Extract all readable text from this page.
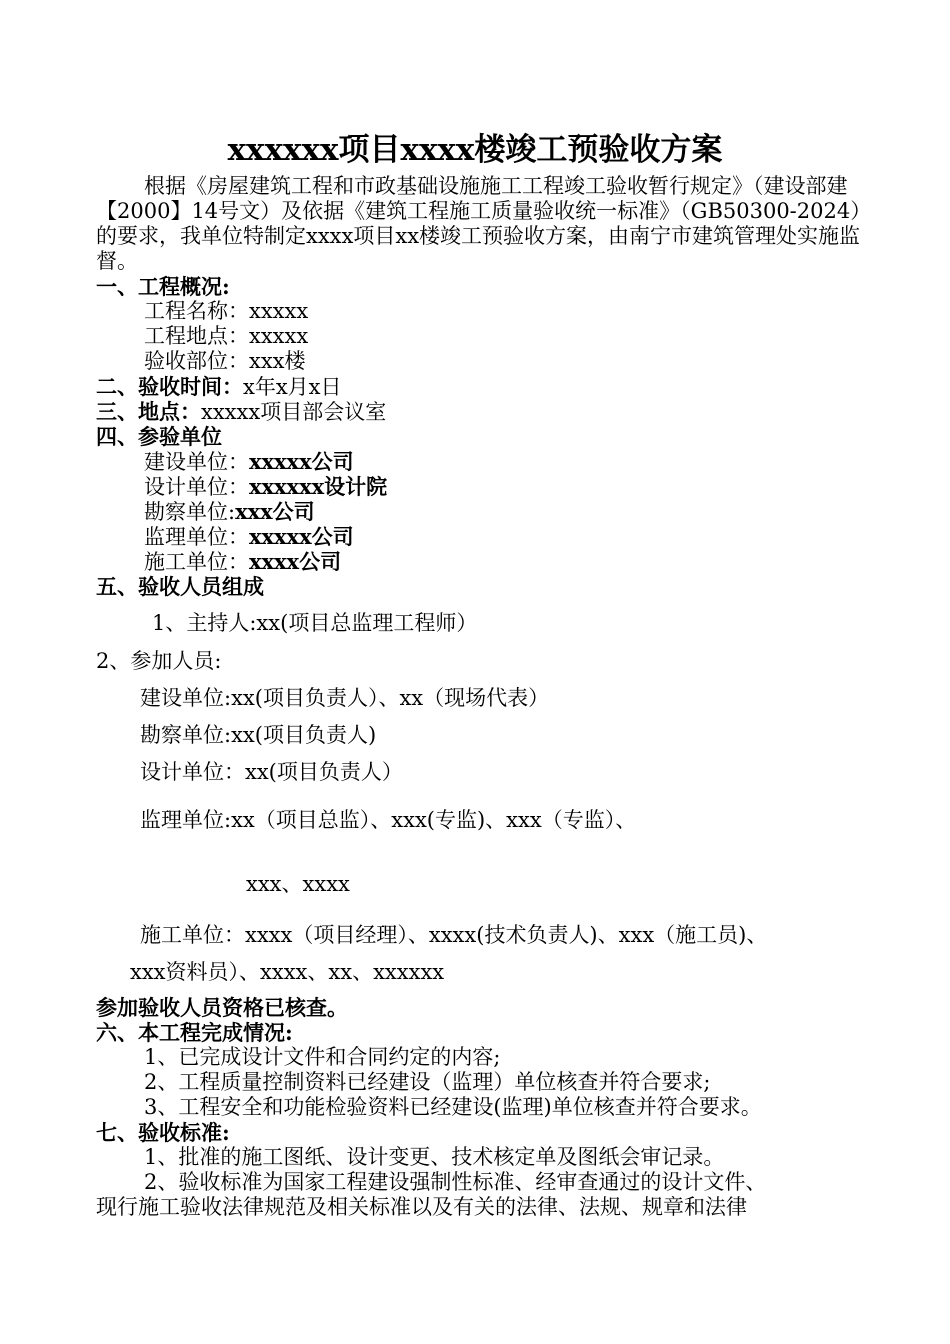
xxxxxx项目xxxx楼竣工预验收方案

根据《房屋建筑工程和市政基础设施施工工程竣工验收暂行规定》（建设部建【2000】14号文）及依据《建筑工程施工质量验收统一标准》（GB50300-2024）的要求，我单位特制定xxxx项目xx楼竣工预验收方案，由南宁市建筑管理处实施监督。

一、工程概况:
工程名称：xxxxx
工程地点：xxxxx
验收部位：xxx楼
二、验收时间：x年x月x日
三、地点：xxxxx项目部会议室
四、参验单位
建设单位：xxxxx公司
设计单位：xxxxxx设计院
勘察单位:xxx公司
监理单位：xxxxx公司
施工单位：xxxx公司
五、验收人员组成
1、主持人:xx(项目总监理工程师）
2、参加人员:
建设单位:xx(项目负责人）、xx（现场代表）
勘察单位:xx(项目负责人)
设计单位：xx(项目负责人）
监理单位:xx（项目总监）、xxx(专监)、xxx（专监）、
xxx、xxxx
施工单位：xxxx（项目经理）、xxxx(技术负责人)、xxx（施工员)、
xxx资料员）、xxxx、xx、xxxxxx
参加验收人员资格已核查。
六、本工程完成情况:
1、已完成设计文件和合同约定的内容;
2、工程质量控制资料已经建设（监理）单位核查并符合要求;
3、工程安全和功能检验资料已经建设(监理)单位核查并符合要求。
七、验收标准:
1、批准的施工图纸、设计变更、技术核定单及图纸会审记录。
2、验收标准为国家工程建设强制性标准、经审查通过的设计文件、
现行施工验收法律规范及相关标准以及有关的法律、法规、规章和法律
